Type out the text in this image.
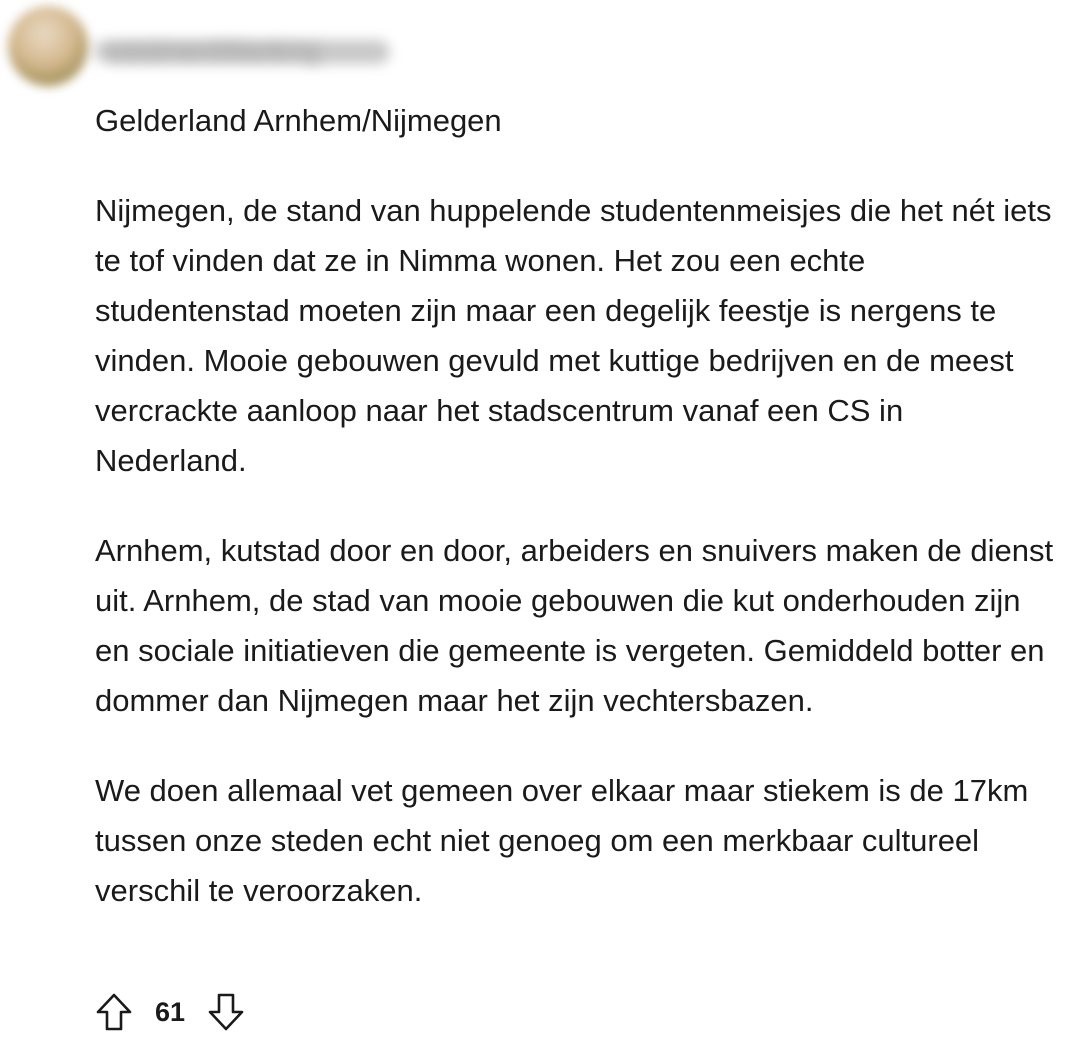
InvestmentWanking

Gelderland Arnhem/Nijmegen

Nijmegen, de stand van huppelende studentenmeisjes die het nét iets te tof vinden dat ze in Nimma wonen. Het zou een echte studentenstad moeten zijn maar een degelijk feestje is nergens te vinden. Mooie gebouwen gevuld met kuttige bedrijven en de meest vercrackte aanloop naar het stadscentrum vanaf een CS in Nederland.

Arnhem, kutstad door en door, arbeiders en snuivers maken de dienst uit. Arnhem, de stad van mooie gebouwen die kut onderhouden zijn en sociale initiatieven die gemeente is vergeten. Gemiddeld botter en dommer dan Nijmegen maar het zijn vechtersbazen.

We doen allemaal vet gemeen over elkaar maar stiekem is de 17km tussen onze steden echt niet genoeg om een merkbaar cultureel verschil te veroorzaken.

61
